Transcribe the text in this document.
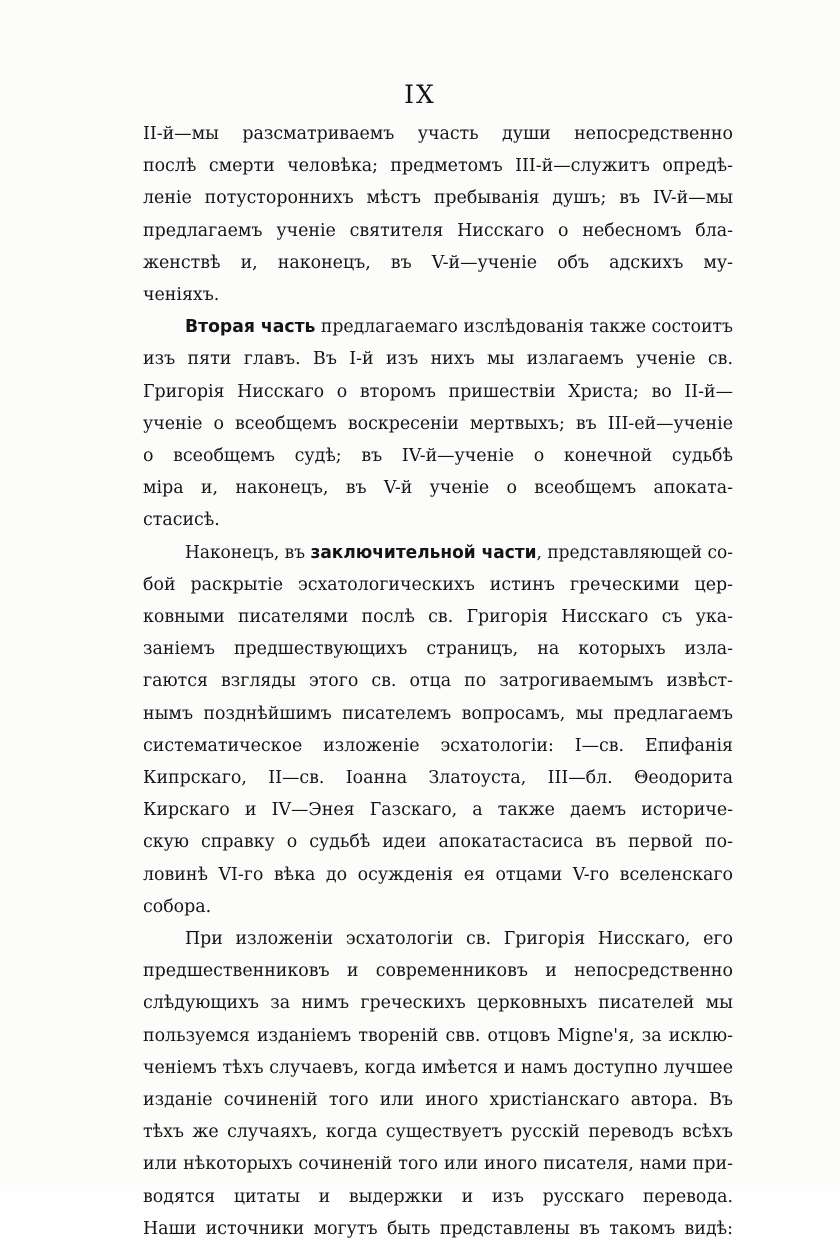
IX
II-й—мы разсматриваемъ участь души непосредственно
послѣ смерти человѣка; предметомъ III-й—служитъ опредѣ-
ленiе потустороннихъ мѣстъ пребыванiя душъ; въ IV-й—мы
предлагаемъ ученiе святителя Нисскаго о небесномъ бла-
женствѣ и, наконецъ, въ V-й—ученiе объ адскихъ му-
ченiяхъ.
Вторая часть предлагаемаго изслѣдованiя также состоитъ
изъ пяти главъ. Въ I-й изъ нихъ мы излагаемъ ученiе св.
Григорiя Нисскаго о второмъ пришествiи Христа; во II-й—
ученiе о всеобщемъ воскресенiи мертвыхъ; въ III-ей—ученiе
о всеобщемъ судѣ; въ IV-й—ученiе о конечной судьбѣ
мiра и, наконецъ, въ V-й ученiе о всеобщемъ апоката-
стасисѣ.
Наконецъ, въ заключительной части, представляющей со-
бой раскрытiе эсхатологическихъ истинъ греческими цер-
ковными писателями послѣ св. Григорiя Нисскаго съ ука-
занiемъ предшествующихъ страницъ, на которыхъ изла-
гаются взгляды этого св. отца по затрогиваемымъ извѣст-
нымъ позднѣйшимъ писателемъ вопросамъ, мы предлагаемъ
систематическое изложенiе эсхатологiи: I—св. Епифанiя
Кипрскаго, II—св. Iоанна Златоуста, III—бл. Θеодорита
Кирскаго и IV—Энея Газскаго, а также даемъ историче-
скую справку о судьбѣ идеи апокатастасиса въ первой по-
ловинѣ VI-го вѣка до осужденiя ея отцами V-го вселенскаго
собора.
При изложенiи эсхатологiи св. Григорiя Нисскаго, его
предшественниковъ и современниковъ и непосредственно
слѣдующихъ за нимъ греческихъ церковныхъ писателей мы
пользуемся изданiемъ творенiй свв. отцовъ Migne'я, за исклю-
ченiемъ тѣхъ случаевъ, когда имѣется и намъ доступно лучшее
изданiе сочиненiй того или иного христiанскаго автора. Въ
тѣхъ же случаяхъ, когда существуетъ русскiй переводъ всѣхъ
или нѣкоторыхъ сочиненiй того или иного писателя, нами при-
водятся цитаты и выдержки и изъ русскаго перевода.
Наши источники могутъ быть представлены въ такомъ видѣ:
